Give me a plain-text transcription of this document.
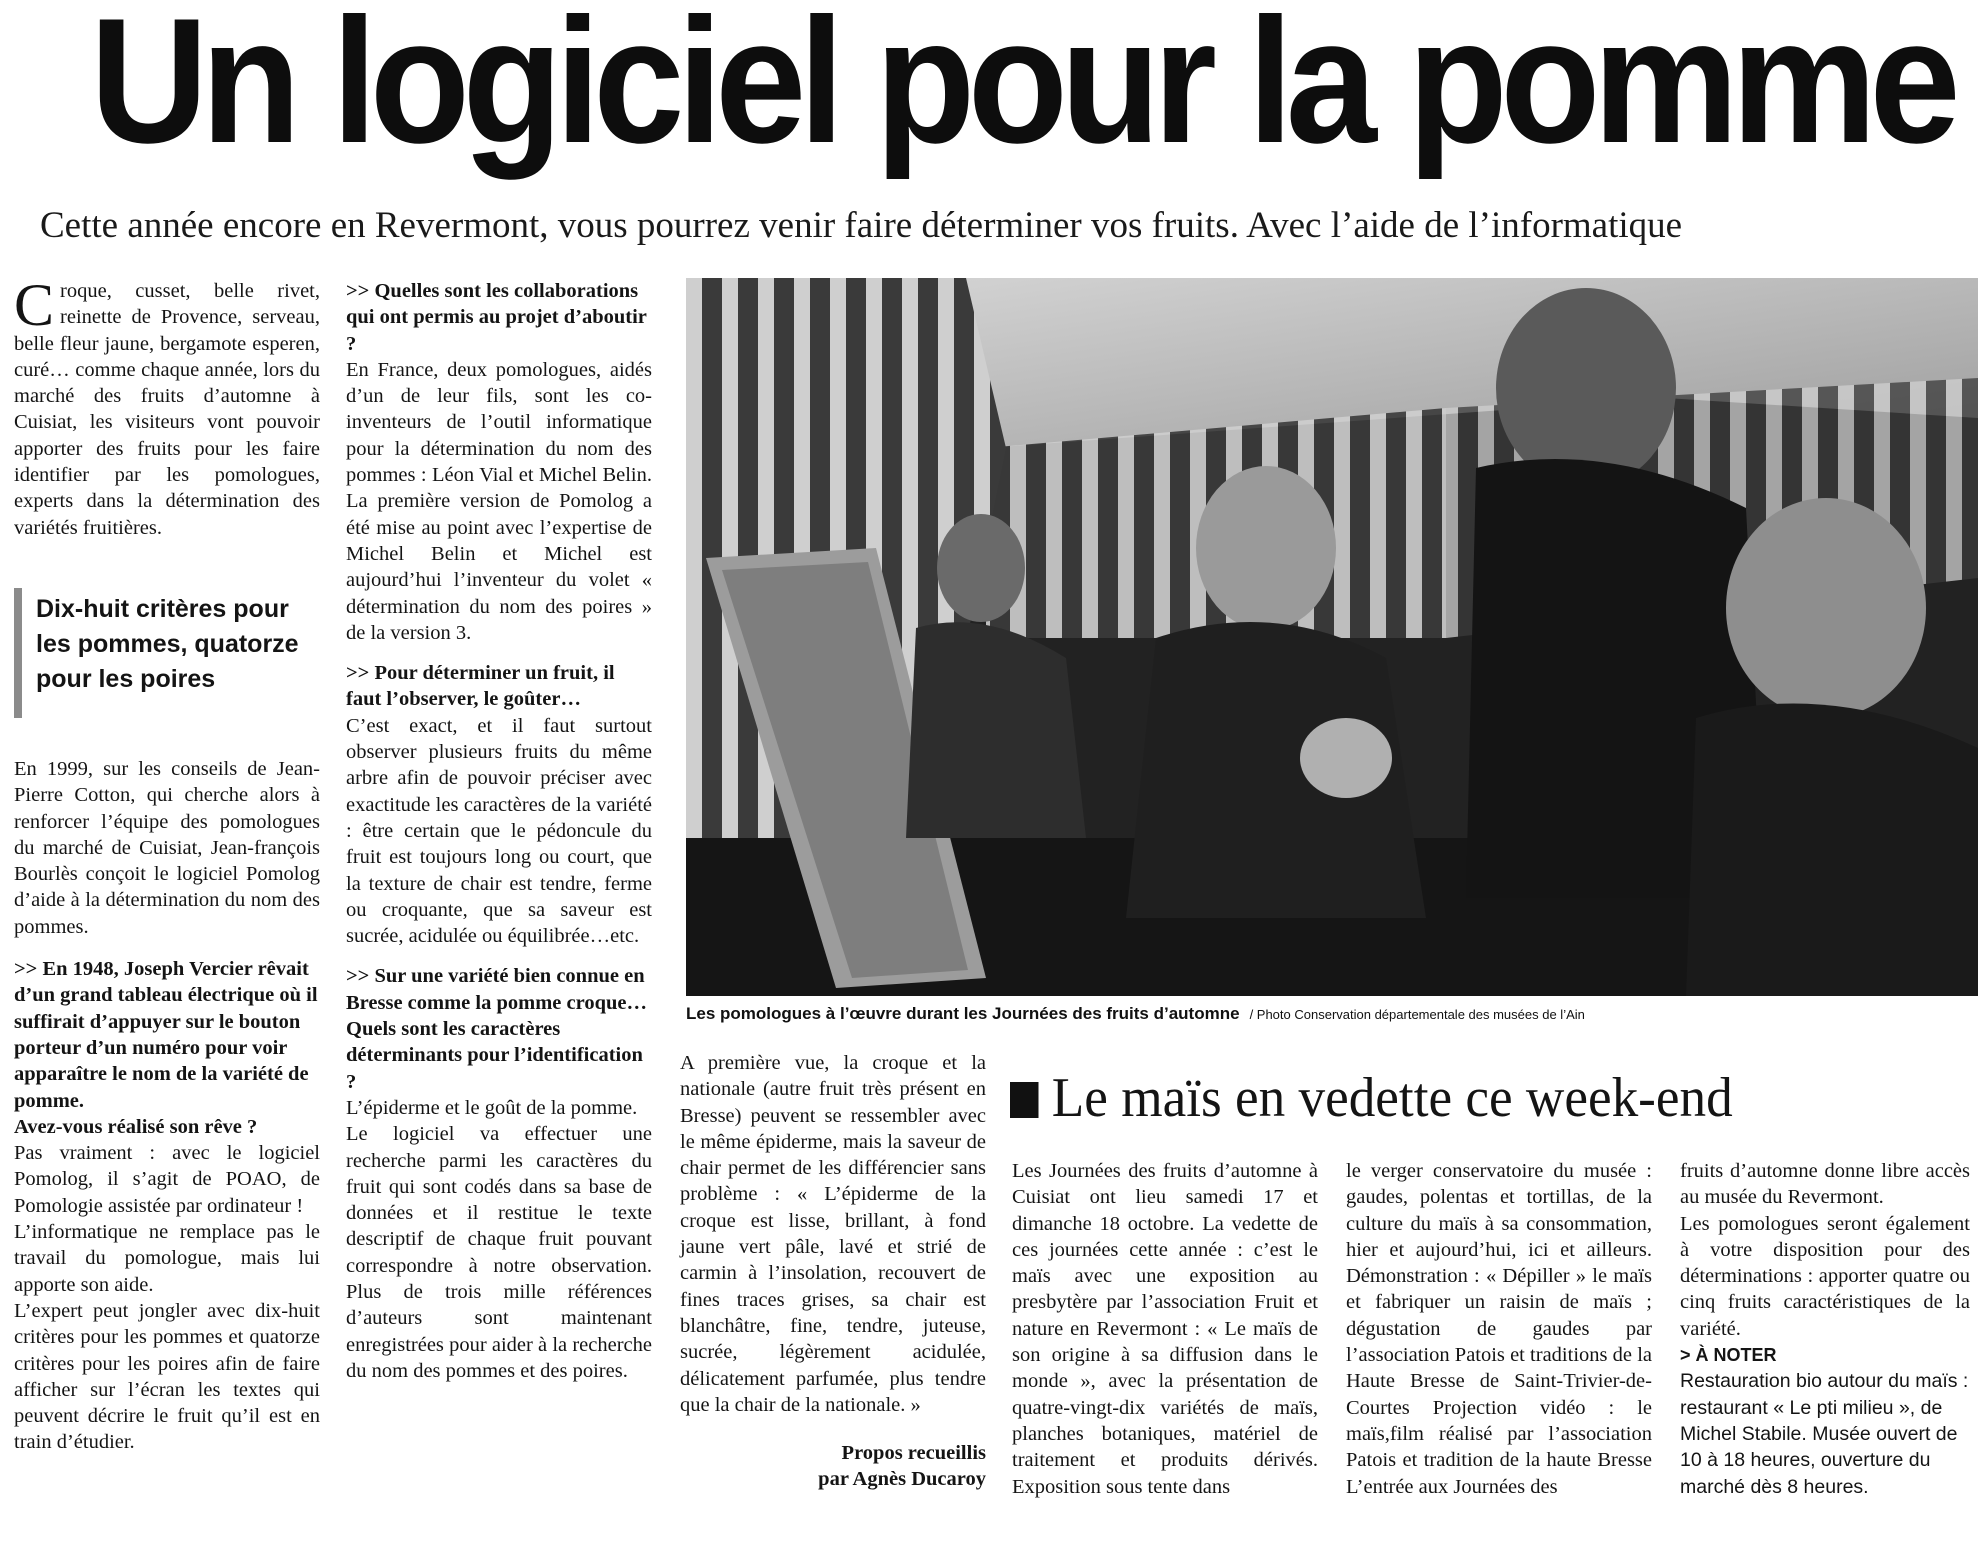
Un logiciel pour la pomme
Cette année encore en Revermont, vous pourrez venir faire déterminer vos fruits. Avec l’aide de l’informatique

Croque, cusset, belle rivet, reinette de Provence, serveau, belle fleur jaune, bergamote esperen, curé… comme chaque année, lors du marché des fruits d’automne à Cuisiat, les visiteurs vont pouvoir apporter des fruits pour les faire identifier par les pomologues, experts dans la détermination des variétés fruitières.

Dix-huit critères pour les pommes, quatorze pour les poires

En 1999, sur les conseils de Jean-Pierre Cotton, qui cherche alors à renforcer l’équipe des pomologues du marché de Cuisiat, Jean-françois Bourlès conçoit le logiciel Pomolog d’aide à la détermination du nom des pommes.

>> En 1948, Joseph Vercier rêvait d’un grand tableau électrique où il suffirait d’appuyer sur le bouton porteur d’un numéro pour voir apparaître le nom de la variété de pomme.

Avez-vous réalisé son rêve ?

Pas vraiment : avec le logiciel Pomolog, il s’agit de POAO, de Pomologie assistée par ordinateur !

L’informatique ne remplace pas le travail du pomologue, mais lui apporte son aide.

L’expert peut jongler avec dix-huit critères pour les pommes et quatorze critères pour les poires afin de faire afficher sur l’écran les textes qui peuvent décrire le fruit qu’il est en train d’étudier.

>> Quelles sont les collaborations qui ont permis au projet d’aboutir ?

En France, deux pomologues, aidés d’un de leur fils, sont les co-inventeurs de l’outil informatique pour la détermination du nom des pommes : Léon Vial et Michel Belin. La première version de Pomolog a été mise au point avec l’expertise de Michel Belin et Michel est aujourd’hui l’inventeur du volet « détermination du nom des poires » de la version 3.

>> Pour déterminer un fruit, il faut l’observer, le goûter…

C’est exact, et il faut surtout observer plusieurs fruits du même arbre afin de pouvoir préciser avec exactitude les caractères de la variété : être certain que le pédoncule du fruit est toujours long ou court, que la texture de chair est tendre, ferme ou croquante, que sa saveur est sucrée, acidulée ou équilibrée…etc.

>> Sur une variété bien connue en Bresse comme la pomme croque… Quels sont les caractères déterminants pour l’identification ?

L’épiderme et le goût de la pomme.

Le logiciel va effectuer une recherche parmi les caractères du fruit qui sont codés dans sa base de données et il restitue le texte descriptif de chaque fruit pouvant correspondre à notre observation. Plus de trois mille références d’auteurs sont maintenant enregistrées pour aider à la recherche du nom des pommes et des poires.

Les pomologues à l’œuvre durant les Journées des fruits d’automne / Photo Conservation départementale des musées de l’Ain

A première vue, la croque et la nationale (autre fruit très présent en Bresse) peuvent se ressembler avec le même épiderme, mais la saveur de chair permet de les différencier sans problème : « L’épiderme de la croque est lisse, brillant, à fond jaune vert pâle, lavé et strié de carmin à l’insolation, recouvert de fines traces grises, sa chair est blanchâtre, fine, tendre, juteuse, sucrée, légèrement acidulée, délicatement parfumée, plus tendre que la chair de la nationale. »

Propos recueillis
par Agnès Ducaroy

Le maïs en vedette ce week-end

Les Journées des fruits d’automne à Cuisiat ont lieu samedi 17 et dimanche 18 octobre. La vedette de ces journées cette année : c’est le maïs avec une exposition au presbytère par l’association Fruit et nature en Revermont : « Le maïs de son origine à sa diffusion dans le monde », avec la présentation de quatre-vingt-dix variétés de maïs, planches botaniques, matériel de traitement et produits dérivés. Exposition sous tente dans

le verger conservatoire du musée : gaudes, polentas et tortillas, de la culture du maïs à sa consommation, hier et aujourd’hui, ici et ailleurs. Démonstration : « Dépiller » le maïs et fabriquer un raisin de maïs ; dégustation de gaudes par l’association Patois et traditions de la Haute Bresse de Saint-Trivier-de-Courtes Projection vidéo : le maïs,film réalisé par l’association Patois et tradition de la haute Bresse L’entrée aux Journées des

fruits d’automne donne libre accès au musée du Revermont.

Les pomologues seront également à votre disposition pour des déterminations : apporter quatre ou cinq fruits caractéristiques de la variété.

> À NOTER

Restauration bio autour du maïs : restaurant « Le pti milieu », de Michel Stabile. Musée ouvert de 10 à 18 heures, ouverture du marché dès 8 heures.
